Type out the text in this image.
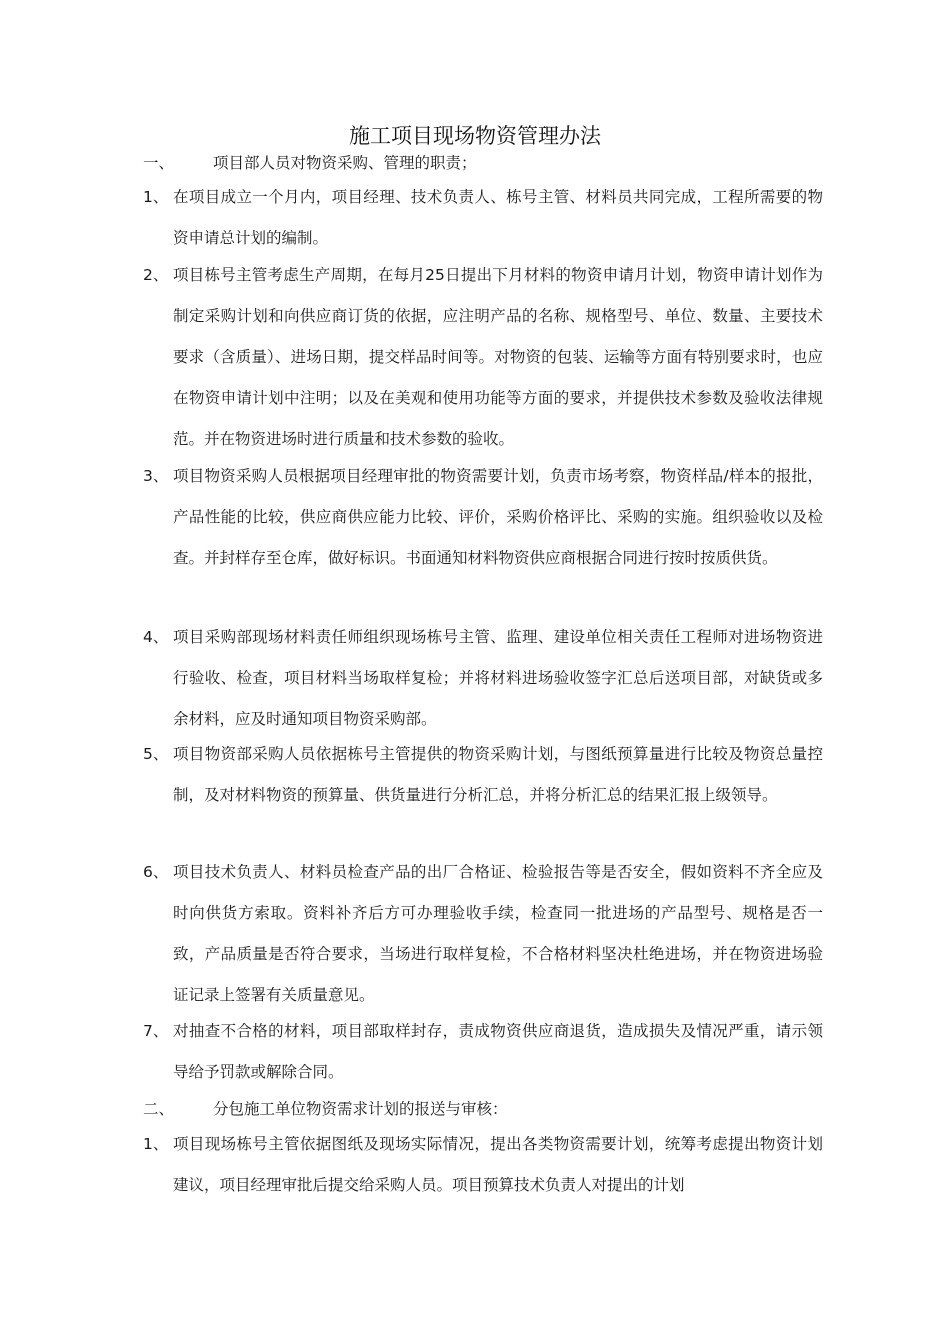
施工项目现场物资管理办法
一、	项目部人员对物资采购、管理的职责；
1、 在项目成立一个月内，项目经理、技术负责人、栋号主管、材料员共同完成，工程所需要的物资申请总计划的编制。
2、 项目栋号主管考虑生产周期，在每月25日提出下月材料的物资申请月计划，物资申请计划作为制定采购计划和向供应商订货的依据，应注明产品的名称、规格型号、单位、数量、主要技术要求（含质量）、进场日期，提交样品时间等。对物资的包装、运输等方面有特别要求时，也应在物资申请计划中注明；以及在美观和使用功能等方面的要求，并提供技术参数及验收法律规范。并在物资进场时进行质量和技术参数的验收。
3、 项目物资采购人员根据项目经理审批的物资需要计划，负责市场考察，物资样品/样本的报批，产品性能的比较，供应商供应能力比较、评价，采购价格评比、采购的实施。组织验收以及检查。并封样存至仓库，做好标识。书面通知材料物资供应商根据合同进行按时按质供货。
4、 项目采购部现场材料责任师组织现场栋号主管、监理、建设单位相关责任工程师对进场物资进行验收、检查，项目材料当场取样复检；并将材料进场验收签字汇总后送项目部，对缺货或多余材料，应及时通知项目物资采购部。
5、 项目物资部采购人员依据栋号主管提供的物资采购计划，与图纸预算量进行比较及物资总量控制，及对材料物资的预算量、供货量进行分析汇总，并将分析汇总的结果汇报上级领导。
6、 项目技术负责人、材料员检查产品的出厂合格证、检验报告等是否安全，假如资料不齐全应及时向供货方索取。资料补齐后方可办理验收手续，检查同一批进场的产品型号、规格是否一致，产品质量是否符合要求，当场进行取样复检，不合格材料坚决杜绝进场，并在物资进场验证记录上签署有关质量意见。
7、 对抽查不合格的材料，项目部取样封存，责成物资供应商退货，造成损失及情况严重，请示领导给予罚款或解除合同。
二、	分包施工单位物资需求计划的报送与审核：
1、 项目现场栋号主管依据图纸及现场实际情况，提出各类物资需要计划，统筹考虑提出物资计划建议，项目经理审批后提交给采购人员。项目预算技术负责人对提出的计划
